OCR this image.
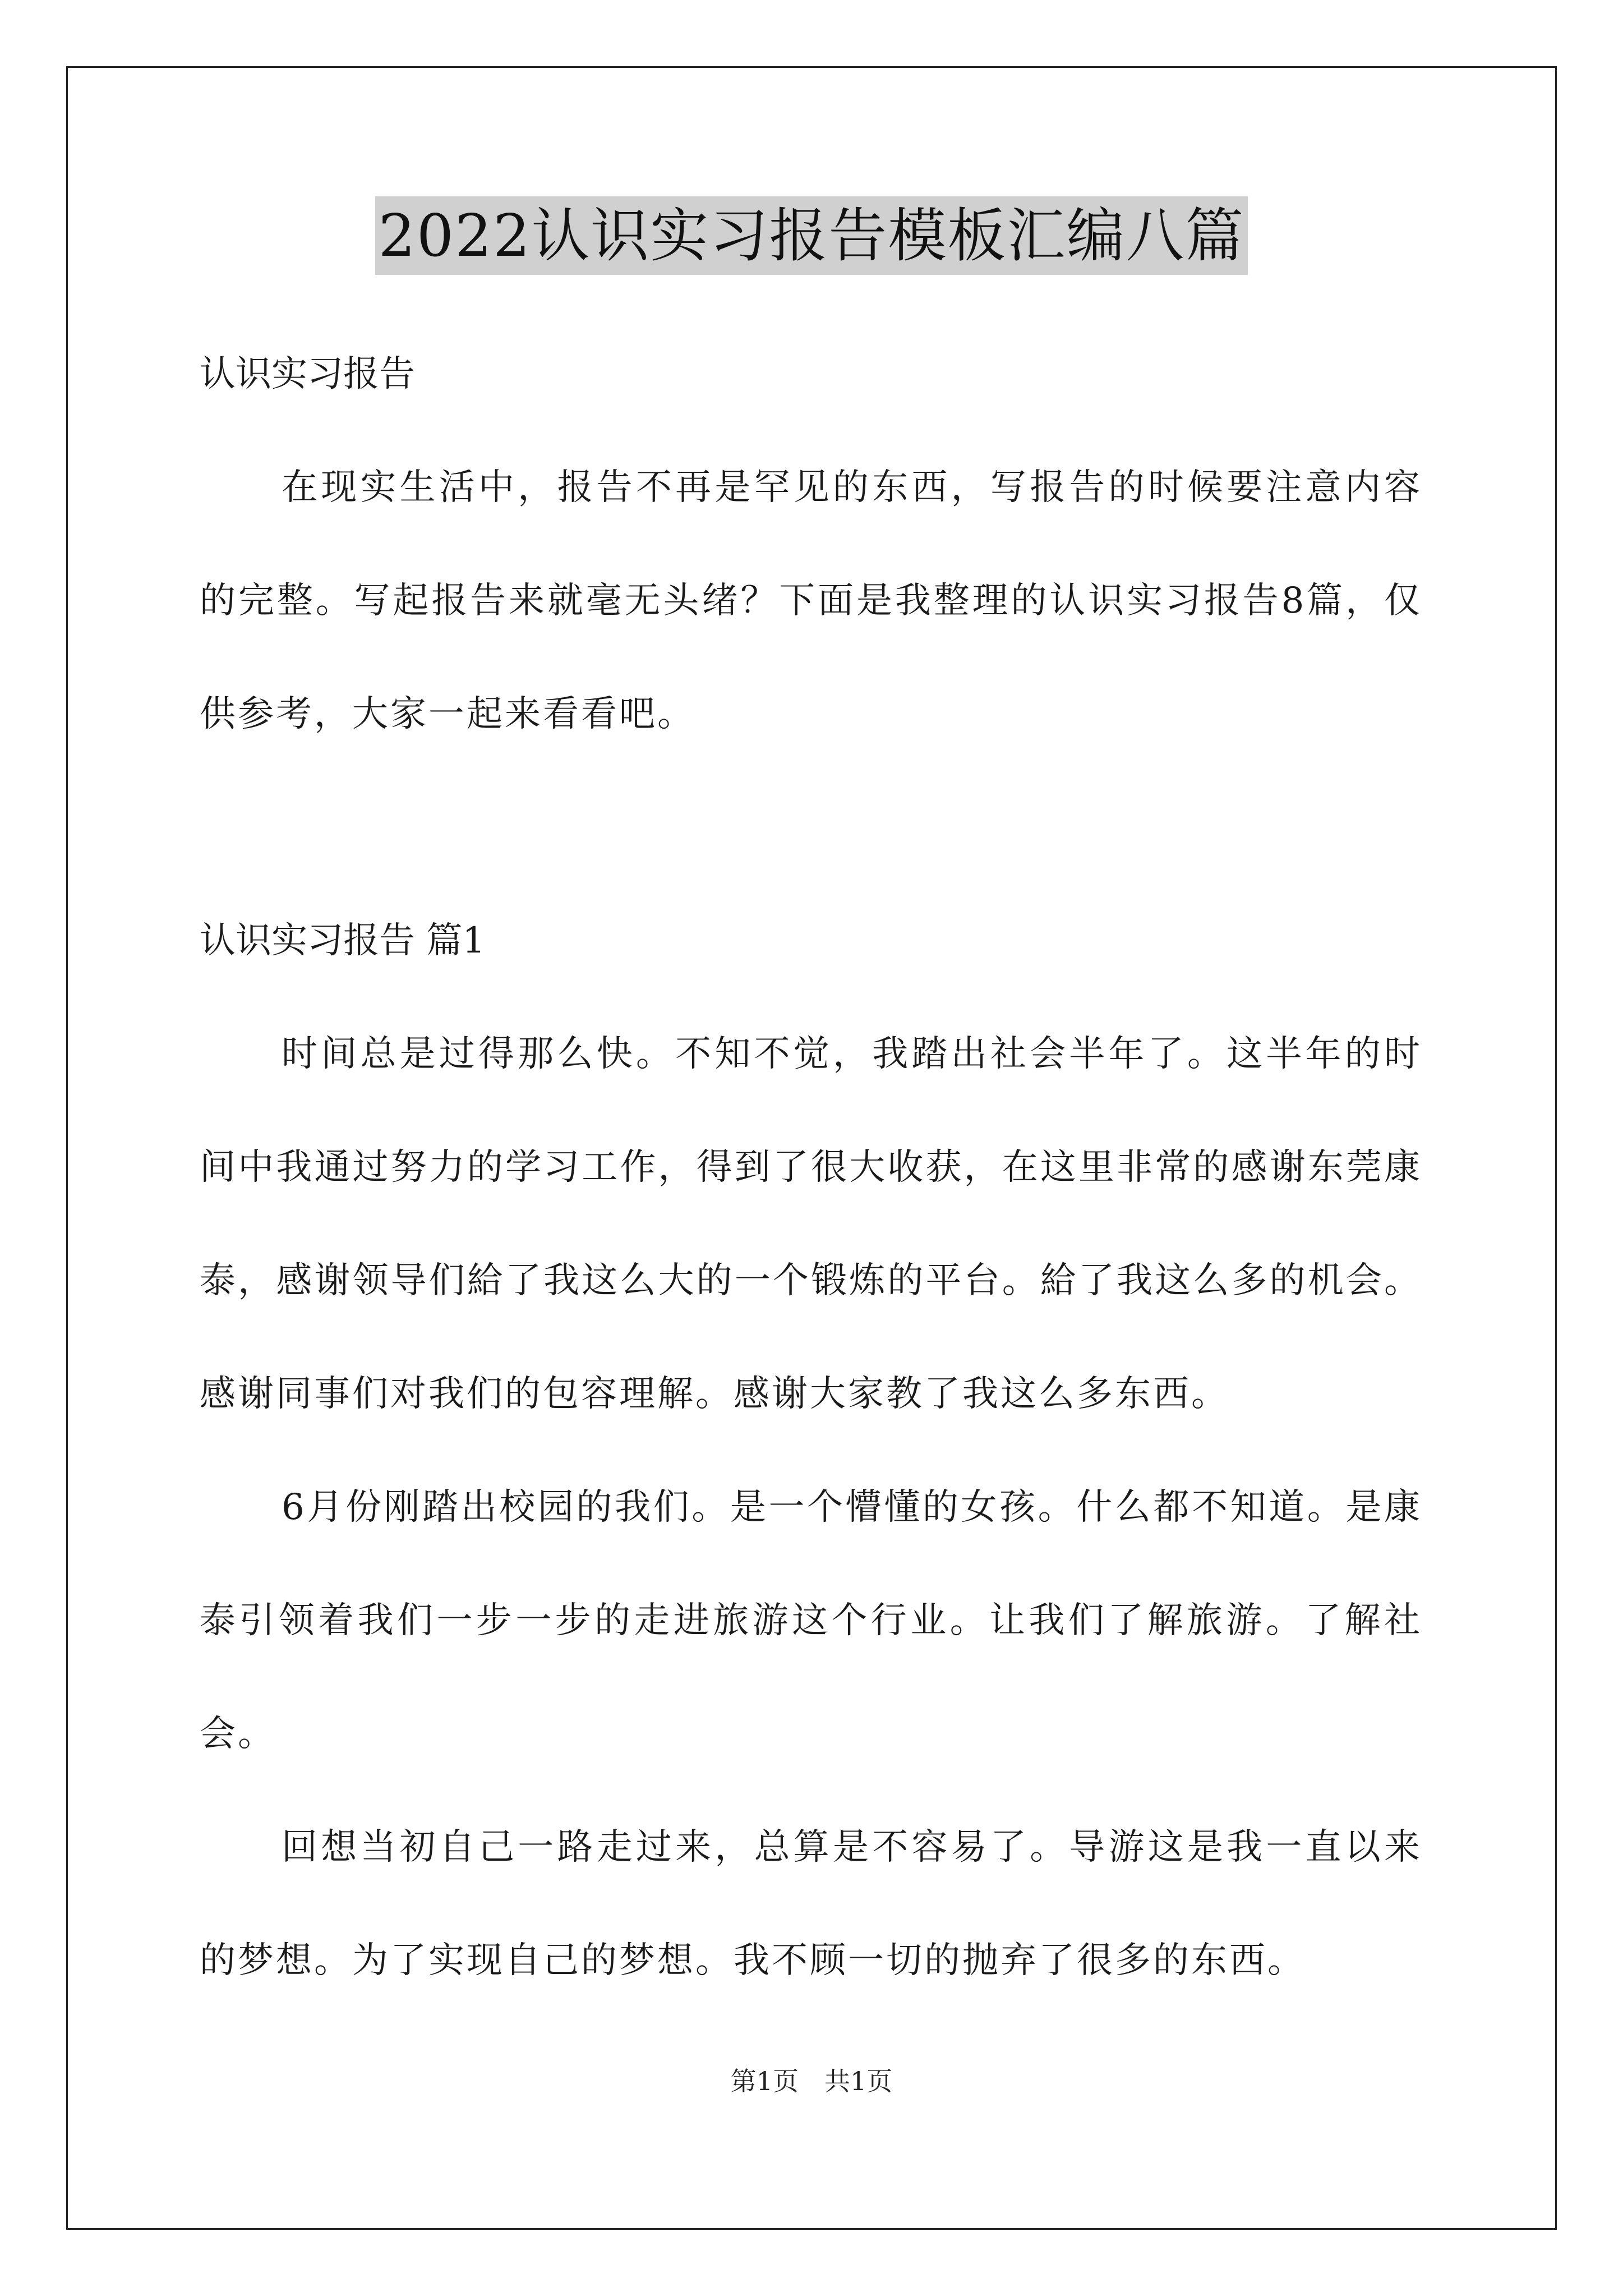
2022认识实习报告模板汇编八篇
认识实习报告

在现实生活中，报告不再是罕见的东西，写报告的时候要注意内容的完整。写起报告来就毫无头绪？下面是我整理的认识实习报告8篇，仅供参考，大家一起来看看吧。

认识实习报告 篇1

时间总是过得那么快。不知不觉，我踏出社会半年了。这半年的时间中我通过努力的学习工作，得到了很大收获，在这里非常的感谢东莞康泰，感谢领导们給了我这么大的一个锻炼的平台。給了我这么多的机会。感谢同事们对我们的包容理解。感谢大家教了我这么多东西。

6月份刚踏出校园的我们。是一个懵懂的女孩。什么都不知道。是康泰引领着我们一步一步的走进旅游这个行业。让我们了解旅游。了解社会。

回想当初自己一路走过来，总算是不容易了。导游这是我一直以来的梦想。为了实现自己的梦想。我不顾一切的抛弃了很多的东西。

第1页　共1页
